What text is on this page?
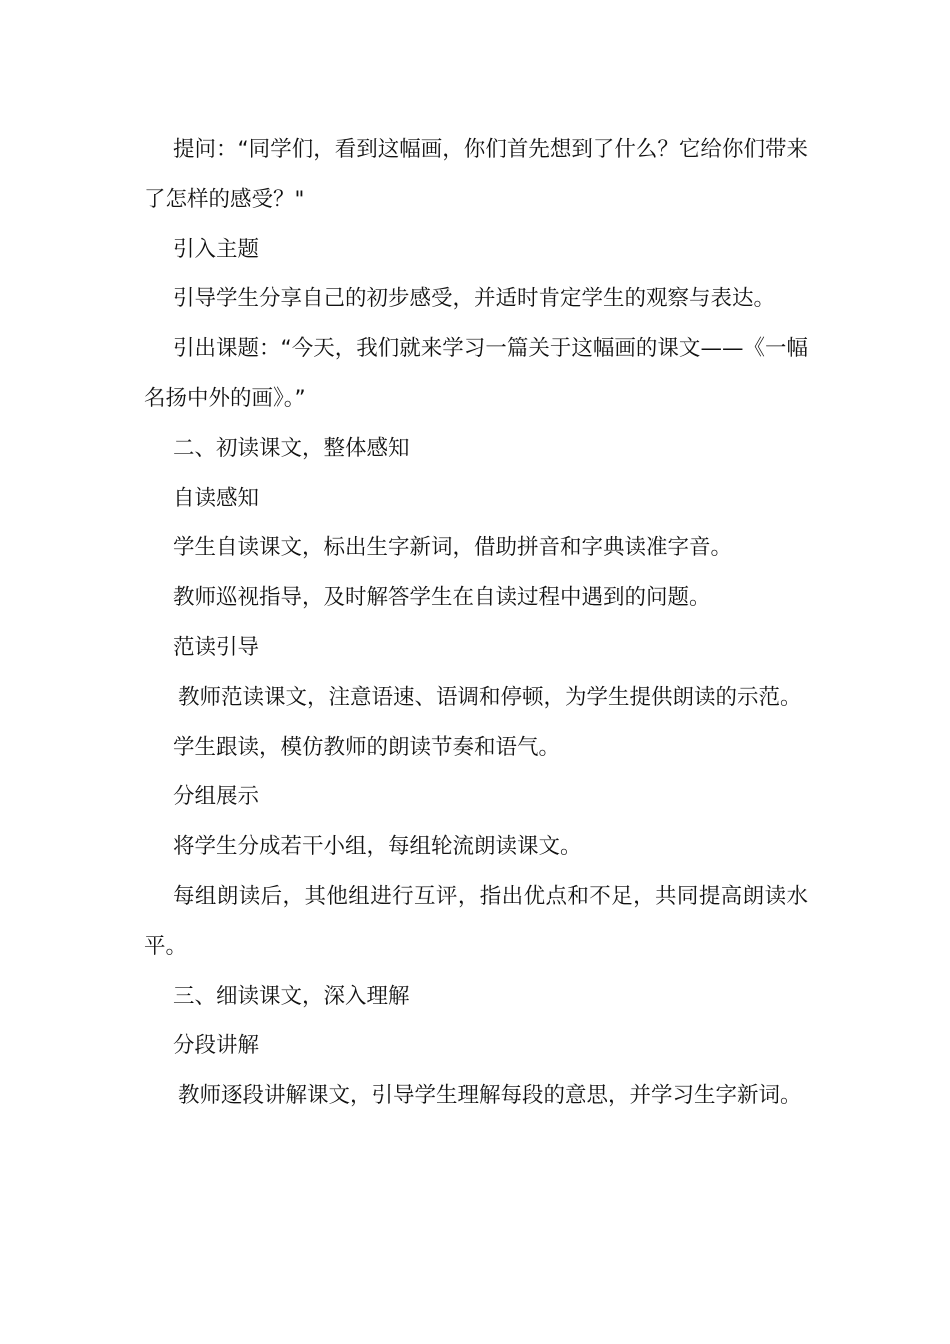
提问：“同学们，看到这幅画，你们首先想到了什么？它给你们带来了怎样的感受？"

引入主题

引导学生分享自己的初步感受，并适时肯定学生的观察与表达。

引出课题：“今天，我们就来学习一篇关于这幅画的课文——《一幅名扬中外的画》。”

二、初读课文，整体感知

自读感知

学生自读课文，标出生字新词，借助拼音和字典读准字音。

教师巡视指导，及时解答学生在自读过程中遇到的问题。

范读引导

教师范读课文，注意语速、语调和停顿，为学生提供朗读的示范。

学生跟读，模仿教师的朗读节奏和语气。

分组展示

将学生分成若干小组，每组轮流朗读课文。

每组朗读后，其他组进行互评，指出优点和不足，共同提高朗读水平。

三、细读课文，深入理解

分段讲解

教师逐段讲解课文，引导学生理解每段的意思，并学习生字新词。
